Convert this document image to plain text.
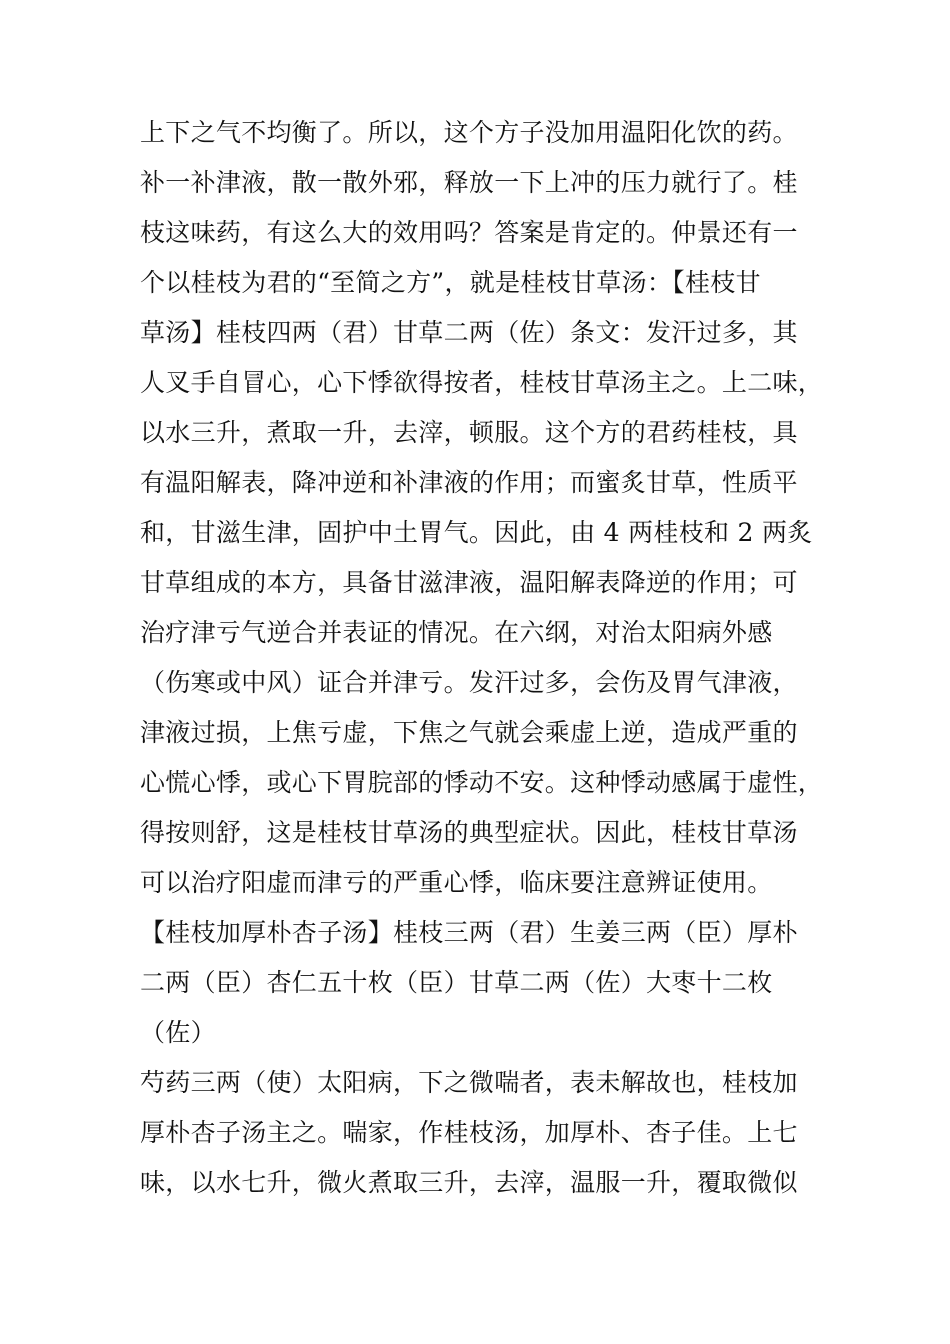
上下之气不均衡了。所以，这个方子没加用温阳化饮的药。
补一补津液，散一散外邪，释放一下上冲的压力就行了。桂
枝这味药，有这么大的效用吗？答案是肯定的。仲景还有一
个以桂枝为君的“至简之方”，就是桂枝甘草汤：【桂枝甘
草汤】桂枝四两（君）甘草二两（佐）条文：发汗过多，其
人叉手自冒心，心下悸欲得按者，桂枝甘草汤主之。上二味，
以水三升，煮取一升，去滓，顿服。这个方的君药桂枝，具
有温阳解表，降冲逆和补津液的作用；而蜜炙甘草，性质平
和，甘滋生津，固护中土胃气。因此，由 4 两桂枝和 2 两炙
甘草组成的本方，具备甘滋津液，温阳解表降逆的作用；可
治疗津亏气逆合并表证的情况。在六纲，对治太阳病外感
（伤寒或中风）证合并津亏。发汗过多，会伤及胃气津液，
津液过损，上焦亏虚，下焦之气就会乘虚上逆，造成严重的
心慌心悸，或心下胃脘部的悸动不安。这种悸动感属于虚性，
得按则舒，这是桂枝甘草汤的典型症状。因此，桂枝甘草汤
可以治疗阳虚而津亏的严重心悸，临床要注意辨证使用。
【桂枝加厚朴杏子汤】桂枝三两（君）生姜三两（臣）厚朴
二两（臣）杏仁五十枚（臣）甘草二两（佐）大枣十二枚
（佐）
芍药三两（使）太阳病，下之微喘者，表未解故也，桂枝加
厚朴杏子汤主之。喘家，作桂枝汤，加厚朴、杏子佳。上七
味，以水七升，微火煮取三升，去滓，温服一升，覆取微似
